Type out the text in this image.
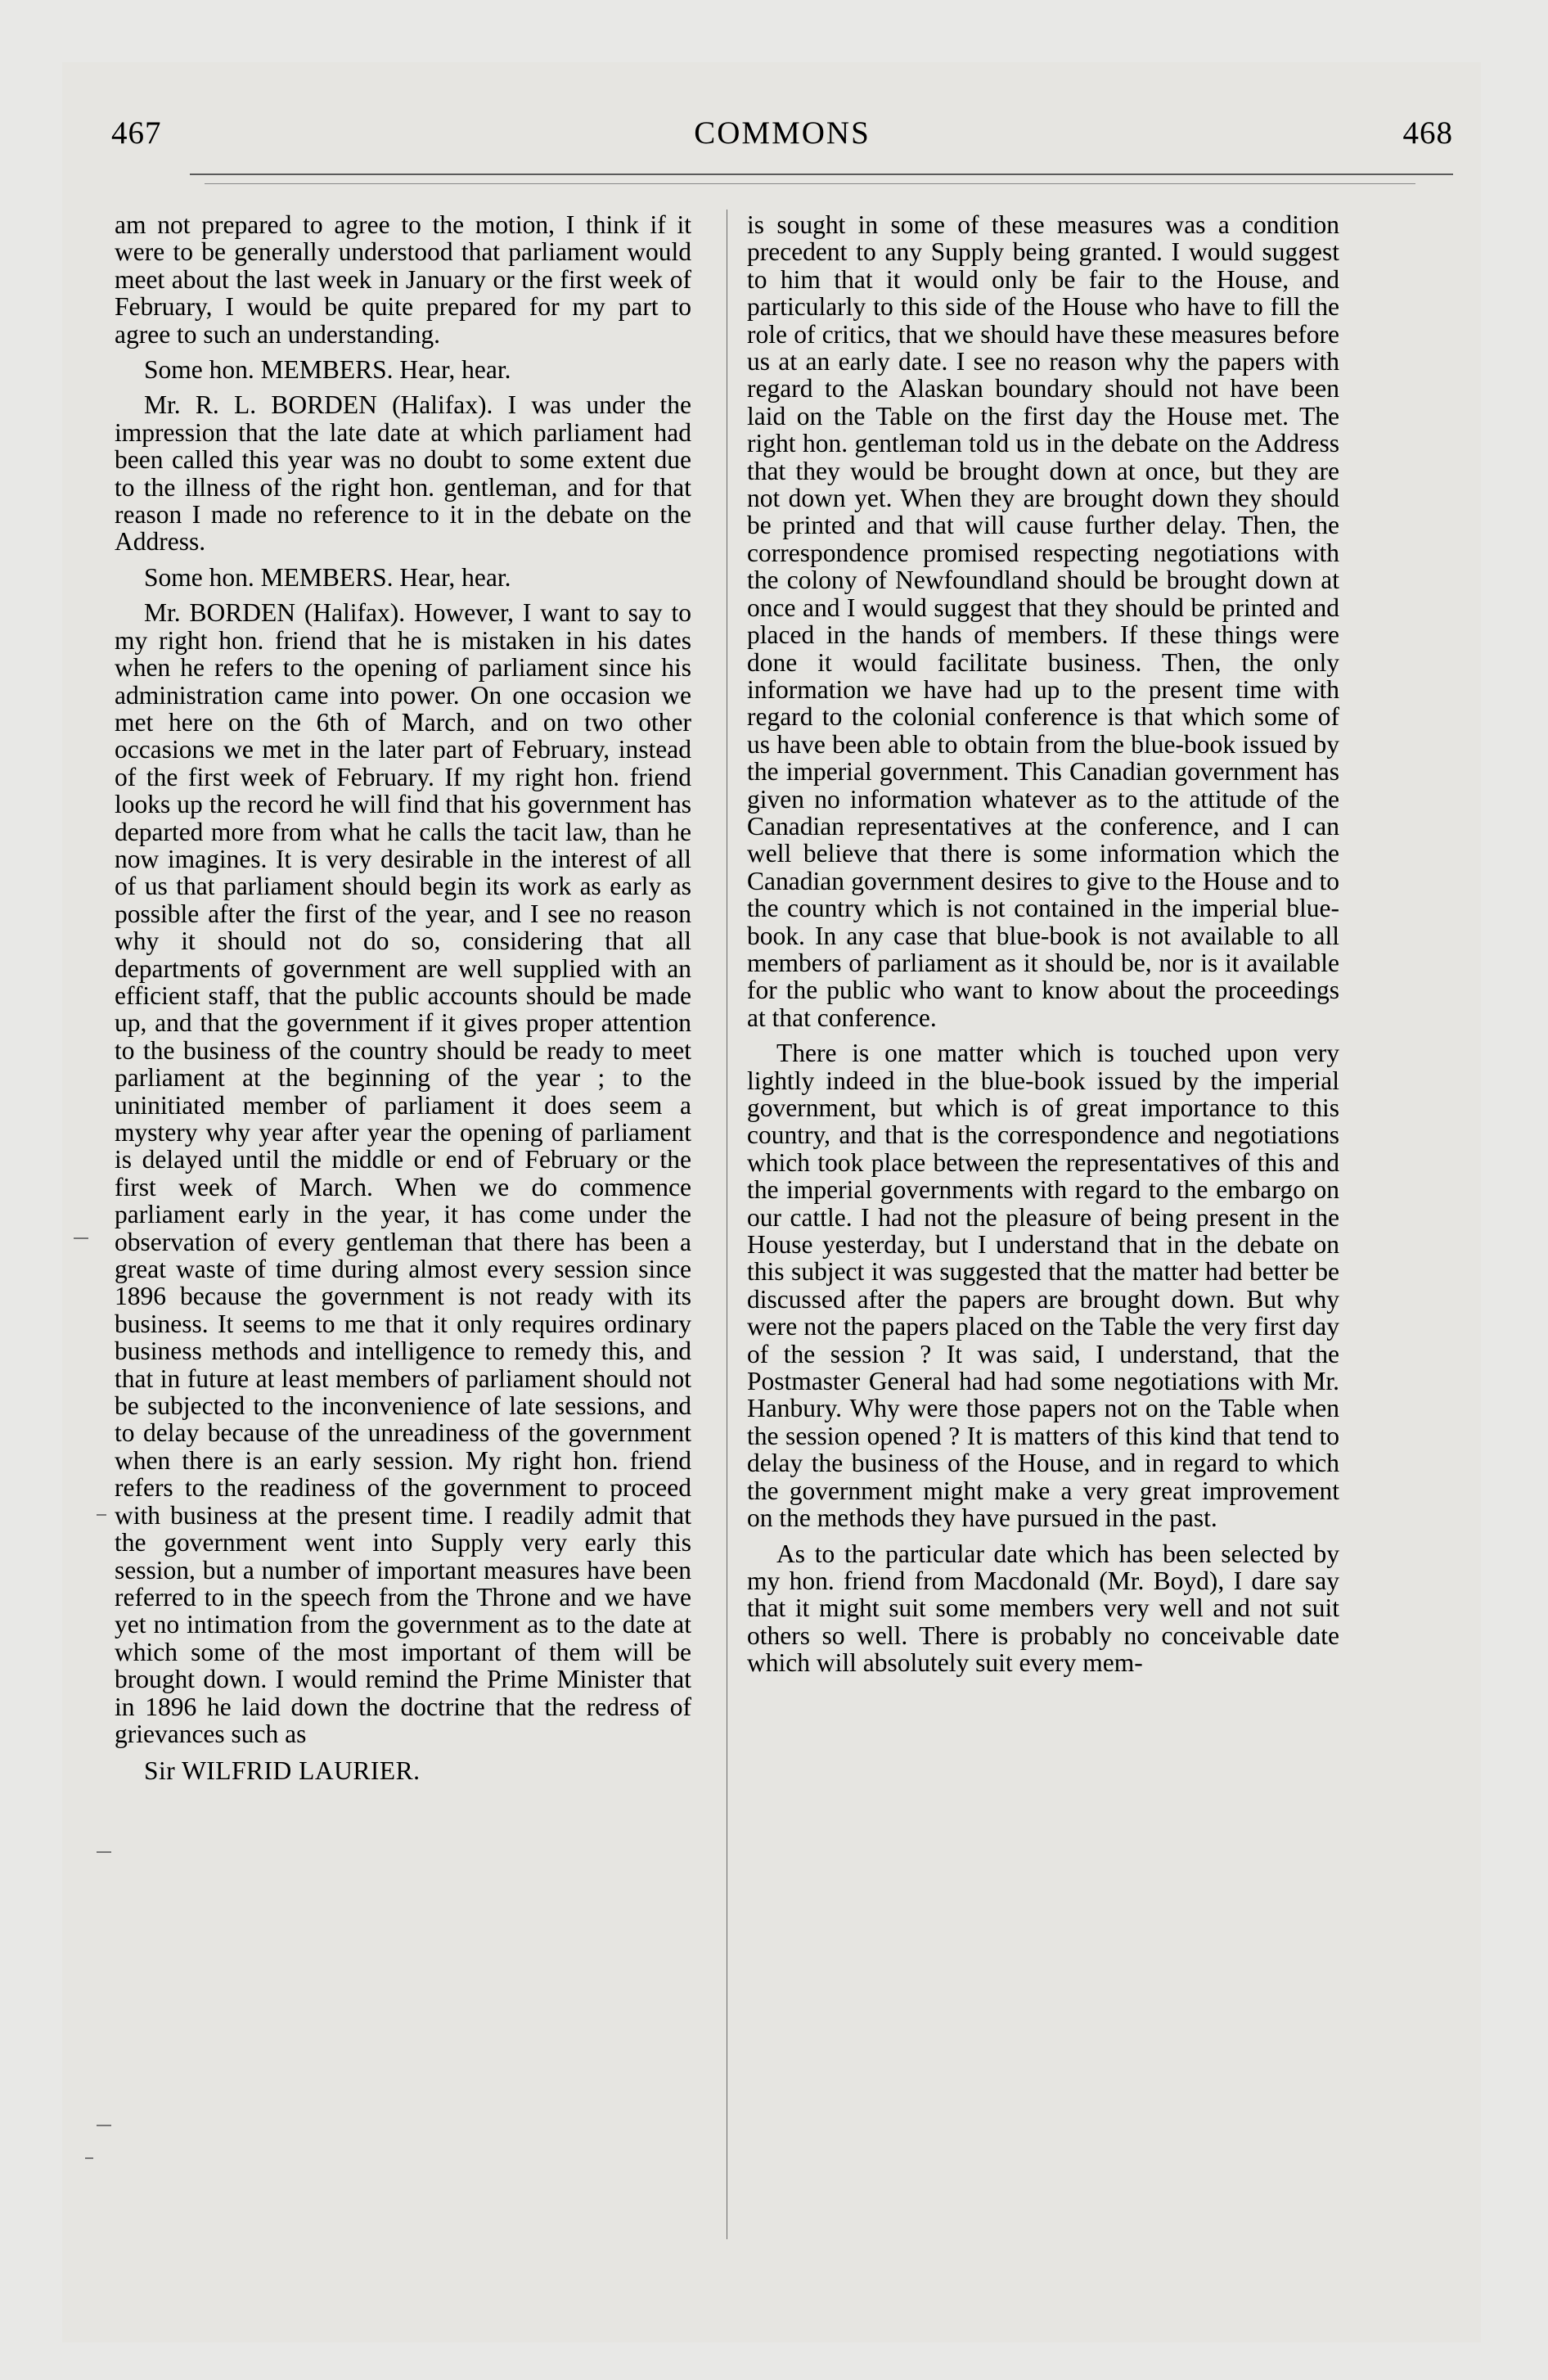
467	COMMONS	468

am not prepared to agree to the motion, I think if it were to be generally understood that parliament would meet about the last week in January or the first week of February, I would be quite prepared for my part to agree to such an understanding.

Some hon. MEMBERS. Hear, hear.

Mr. R. L. BORDEN (Halifax). I was under the impression that the late date at which parliament had been called this year was no doubt to some extent due to the illness of the right hon. gentleman, and for that reason I made no reference to it in the debate on the Address.

Some hon. MEMBERS. Hear, hear.

Mr. BORDEN (Halifax). However, I want to say to my right hon. friend that he is mistaken in his dates when he refers to the opening of parliament since his administration came into power. On one occasion we met here on the 6th of March, and on two other occasions we met in the later part of February, instead of the first week of February. If my right hon. friend looks up the record he will find that his government has departed more from what he calls the tacit law, than he now imagines. It is very desirable in the interest of all of us that parliament should begin its work as early as possible after the first of the year, and I see no reason why it should not do so, considering that all departments of government are well supplied with an efficient staff, that the public accounts should be made up, and that the government if it gives proper attention to the business of the country should be ready to meet parliament at the beginning of the year ; to the uninitiated member of parliament it does seem a mystery why year after year the opening of parliament is delayed until the middle or end of February or the first week of March. When we do commence parliament early in the year, it has come under the observation of every gentleman that there has been a great waste of time during almost every session since 1896 because the government is not ready with its business. It seems to me that it only requires ordinary business methods and intelligence to remedy this, and that in future at least members of parliament should not be subjected to the inconvenience of late sessions, and to delay because of the unreadiness of the government when there is an early session. My right hon. friend refers to the readiness of the government to proceed with business at the present time. I readily admit that the government went into Supply very early this session, but a number of important measures have been referred to in the speech from the Throne and we have yet no intimation from the government as to the date at which some of the most important of them will be brought down. I would remind the Prime Minister that in 1896 he laid down the doctrine that the redress of grievances such as

Sir WILFRID LAURIER.

is sought in some of these measures was a condition precedent to any Supply being granted. I would suggest to him that it would only be fair to the House, and particularly to this side of the House who have to fill the role of critics, that we should have these measures before us at an early date. I see no reason why the papers with regard to the Alaskan boundary should not have been laid on the Table on the first day the House met. The right hon. gentleman told us in the debate on the Address that they would be brought down at once, but they are not down yet. When they are brought down they should be printed and that will cause further delay. Then, the correspondence promised respecting negotiations with the colony of Newfoundland should be brought down at once and I would suggest that they should be printed and placed in the hands of members. If these things were done it would facilitate business. Then, the only information we have had up to the present time with regard to the colonial conference is that which some of us have been able to obtain from the blue-book issued by the imperial government. This Canadian government has given no information whatever as to the attitude of the Canadian representatives at the conference, and I can well believe that there is some information which the Canadian government desires to give to the House and to the country which is not contained in the imperial blue-book. In any case that blue-book is not available to all members of parliament as it should be, nor is it available for the public who want to know about the proceedings at that conference.

There is one matter which is touched upon very lightly indeed in the blue-book issued by the imperial government, but which is of great importance to this country, and that is the correspondence and negotiations which took place between the representatives of this and the imperial governments with regard to the embargo on our cattle. I had not the pleasure of being present in the House yesterday, but I understand that in the debate on this subject it was suggested that the matter had better be discussed after the papers are brought down. But why were not the papers placed on the Table the very first day of the session ? It was said, I understand, that the Postmaster General had had some negotiations with Mr. Hanbury. Why were those papers not on the Table when the session opened ? It is matters of this kind that tend to delay the business of the House, and in regard to which the government might make a very great improvement on the methods they have pursued in the past.

As to the particular date which has been selected by my hon. friend from Macdonald (Mr. Boyd), I dare say that it might suit some members very well and not suit others so well. There is probably no conceivable date which will absolutely suit every mem-
